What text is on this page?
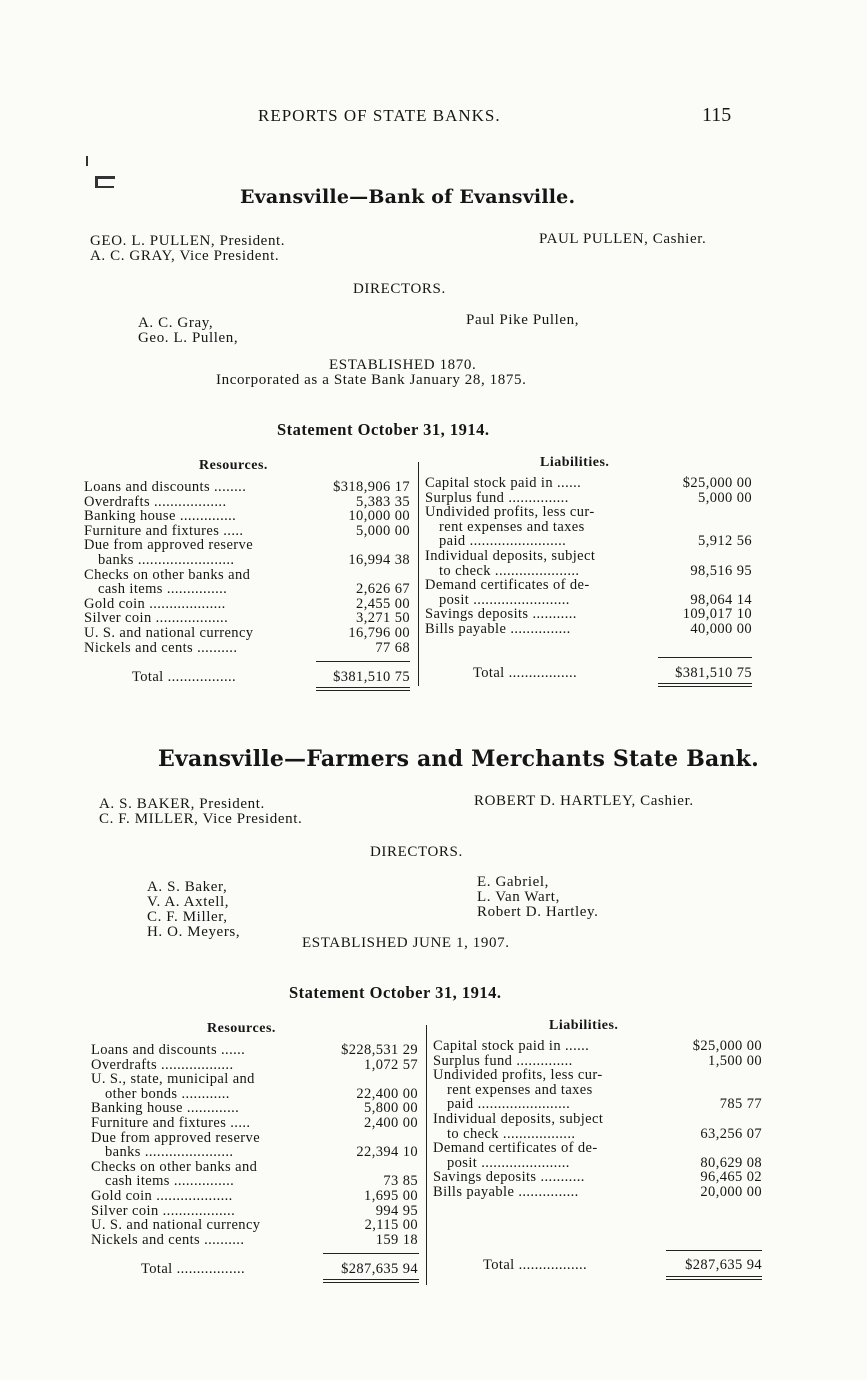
REPORTS OF STATE BANKS.	115
Evansville—Bank of Evansville.
GEO. L. PULLEN, President.
A. C. GRAY, Vice President.
PAUL PULLEN, Cashier.
DIRECTORS.
A. C. Gray,
Geo. L. Pullen,
Paul Pike Pullen,
ESTABLISHED 1870.
Incorporated as a State Bank January 28, 1875.
Statement October 31, 1914.
Resources.	Liabilities.
Loans and discounts ........	$318,906 17
Overdrafts ..................	5,383 35
Banking house ..............	10,000 00
Furniture and fixtures .....	5,000 00
Due from approved reserve
banks ........................	16,994 38
Checks on other banks and
cash items ...............	2,626 67
Gold coin ...................	2,455 00
Silver coin ..................	3,271 50
U. S. and national currency	16,796 00
Nickels and cents ..........	77 68
Total .................	$381,510 75
Capital stock paid in ......	$25,000 00
Surplus fund ...............	5,000 00
Undivided profits, less cur-
rent expenses and taxes
paid ........................	5,912 56
Individual deposits, subject
to check .....................	98,516 95
Demand certificates of de-
posit ........................	98,064 14
Savings deposits ...........	109,017 10
Bills payable ...............	40,000 00
Total .................	$381,510 75
Evansville—Farmers and Merchants State Bank.
A. S. BAKER, President.
C. F. MILLER, Vice President.
ROBERT D. HARTLEY, Cashier.
DIRECTORS.
A. S. Baker,
V. A. Axtell,
C. F. Miller,
H. O. Meyers,
E. Gabriel,
L. Van Wart,
Robert D. Hartley.
ESTABLISHED JUNE 1, 1907.
Statement October 31, 1914.
Resources.	Liabilities.
Loans and discounts ......	$228,531 29
Overdrafts ..................	1,072 57
U. S., state, municipal and
other bonds ............	22,400 00
Banking house .............	5,800 00
Furniture and fixtures .....	2,400 00
Due from approved reserve
banks ......................	22,394 10
Checks on other banks and
cash items ...............	73 85
Gold coin ...................	1,695 00
Silver coin ..................	994 95
U. S. and national currency	2,115 00
Nickels and cents ..........	159 18
Total .................	$287,635 94
Capital stock paid in ......	$25,000 00
Surplus fund ..............	1,500 00
Undivided profits, less cur-
rent expenses and taxes
paid .......................	785 77
Individual deposits, subject
to check ..................	63,256 07
Demand certificates of de-
posit ......................	80,629 08
Savings deposits ...........	96,465 02
Bills payable ...............	20,000 00
Total .................	$287,635 94
